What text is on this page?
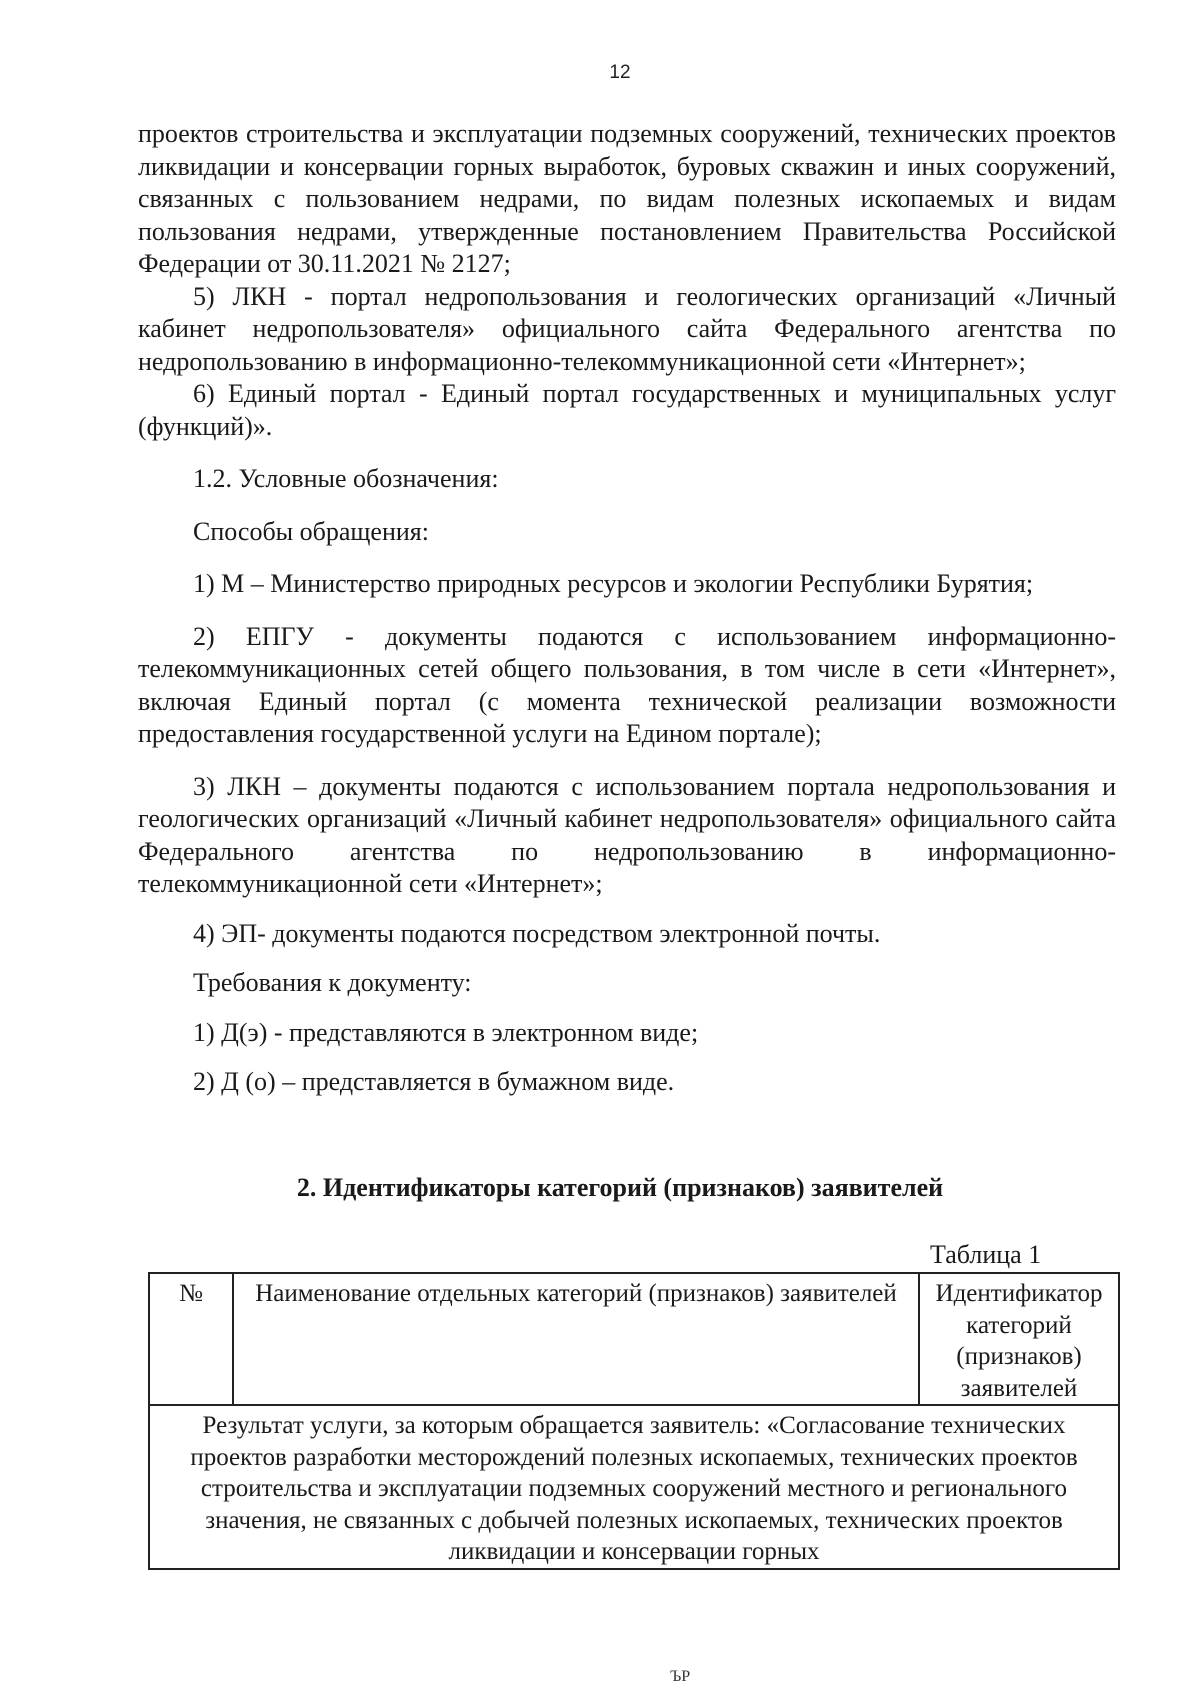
12

проектов строительства и эксплуатации подземных сооружений, технических проектов ликвидации и консервации горных выработок, буровых скважин и иных сооружений, связанных с пользованием недрами, по видам полезных ископаемых и видам пользования недрами, утвержденные постановлением Правительства Российской Федерации от 30.11.2021 № 2127;

5) ЛКН - портал недропользования и геологических организаций «Личный кабинет недропользователя» официального сайта Федерального агентства по недропользованию в информационно-телекоммуникационной сети «Интернет»;

6) Единый портал - Единый портал государственных и муниципальных услуг (функций)».

1.2. Условные обозначения:

Способы обращения:

1) М – Министерство природных ресурсов и экологии Республики Бурятия;

2) ЕПГУ - документы подаются с использованием информационно-телекоммуникационных сетей общего пользования, в том числе в сети «Интернет», включая Единый портал (с момента технической реализации возможности предоставления государственной услуги на Едином портале);

3) ЛКН – документы подаются с использованием портала недропользования и геологических организаций «Личный кабинет недропользователя» официального сайта Федерального агентства по недропользованию в информационно-телекоммуникационной сети «Интернет»;

4) ЭП- документы подаются посредством электронной почты.

Требования к документу:

1) Д(э) - представляются в электронном виде;

2) Д (о) – представляется в бумажном виде.

2. Идентификаторы категорий (признаков) заявителей
Таблица 1
№	Наименование отдельных категорий (признаков) заявителей	Идентификатор категорий (признаков) заявителей
Результат услуги, за которым обращается заявитель: «Согласование технических проектов разработки месторождений полезных ископаемых, технических проектов строительства и эксплуатации подземных сооружений местного и регионального значения, не связанных с добычей полезных ископаемых, технических проектов ликвидации и консервации горных
ЪР
